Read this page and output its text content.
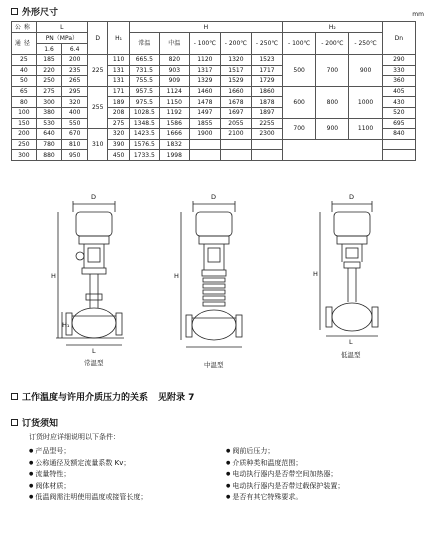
外形尺寸	mm
公称	L		D	H₁	H					H₂			Dn
	PN（MPa）				常温	中温	- 100℃	- 200℃	- 250℃	- 100℃	- 200℃	- 250℃	
通径													
	1.6	6.4											
25	185	200	225	110	665.5	820	1120	1320	1523	500	700	900	290
40	220	235		131	731.5	903	1317	1517	1717				330
50	250	265		131	755.5	909	1329	1529	1729				360
65	275	295	255	171	957.5	1124	1460	1660	1860	600	800	1000	405
80	300	320		189	975.5	1150	1478	1678	1878				430
100	380	400		208	1028.5	1192	1497	1697	1897				520
150	530	550		275	1348.5	1586	1855	2055	2255	700	900	1100	695
200	640	670	310	320	1423.5	1666	1900	2100	2300				840
250	780	810		390	1576.5	1832							
300	880	950		450	1733.5	1998							
D
H
H₁
L
常温型
D
H
中温型
D
H
L
低温型
工作温度与许用介质压力的关系 见附录 7
订货须知
订货时应详细说明以下条件：
● 产品型号；
● 公称通径及额定流量系数 Kv；
● 流量特性；
● 阀体材质；
● 低温阀需注明使用温度或接管长度；
● 阀前后压力；
● 介质种类和温度范围；
● 电动执行器内是否带空间加热器；
● 电动执行器内是否带过载保护装置；
● 是否有其它特殊要求。
